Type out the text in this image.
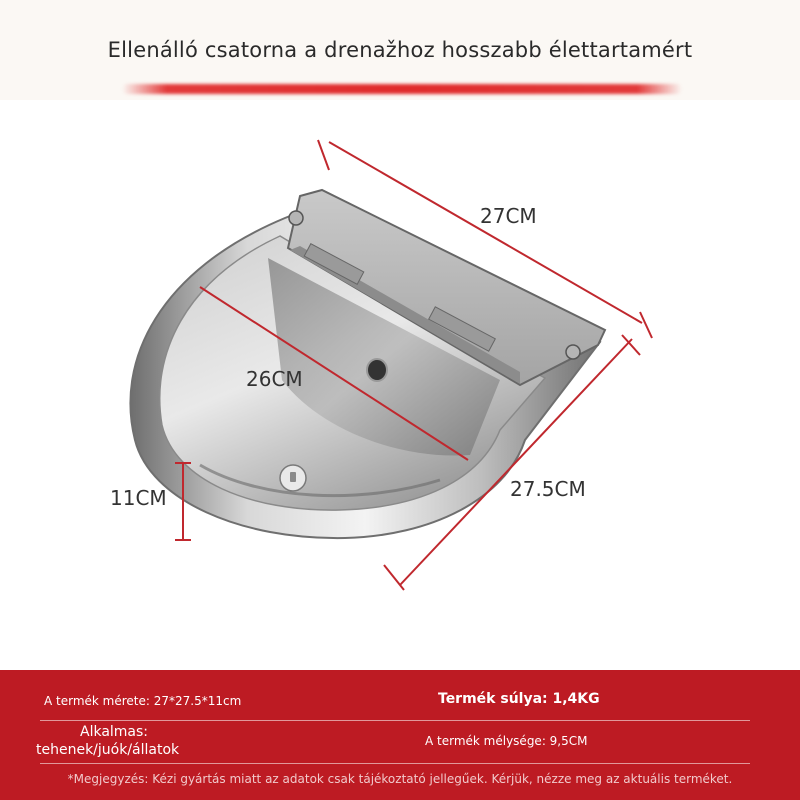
Ellenálló csatorna a drenažhoz hosszabb élettartamért
27CM
26CM
27.5CM
11CM
A termék mérete: 27*27.5*11cm	Termék súlya: 1,4KG
Alkalmas:
tehenek/juók/állatok
A termék mélysége: 9,5CM
*Megjegyzés: Kézi gyártás miatt az adatok csak tájékoztató jellegűek. Kérjük, nézze meg az aktuális terméket.
